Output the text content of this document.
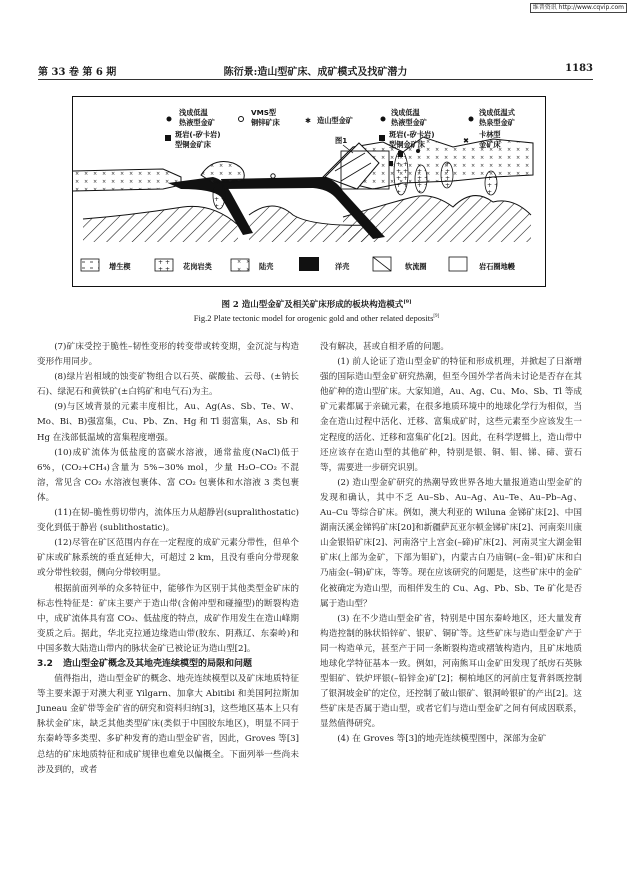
维普资讯 http://www.cqvip.com
第 33 卷 第 6 期	陈衍景:造山型矿床、成矿模式及找矿潜力	1183
图1
浅成低温
热液型金矿
VMS型
铜锌矿床	✱ 造山型金矿
浅成低温
热液型金矿
浅成低温式
热泉型金矿
斑岩(-矽卡岩)
型铜金矿床
斑岩(-矽卡岩)
型铜金矿床	✖
卡林型
金矿床
增生楔	花岗岩类	陆壳	洋壳	软流圈	岩石圈地幔
图 2 造山型金矿及相关矿床形成的板块构造模式[9]
Fig.2 Plate tectonic model for orogenic gold and other related deposits[9]

(7)矿床受控于脆性–韧性变形的转变带或转变期，金沉淀与构造变形作用同步。

(8)绿片岩相域的蚀变矿物组合以石英、碳酸盐、云母、(±钠长石)、绿泥石和黄铁矿(±白钨矿和电气石)为主。

(9)与区域背景的元素丰度相比，Au、Ag(As、Sb、Te、W、Mo、Bi、B)强富集，Cu、Pb、Zn、Hg 和 Tl 弱富集，As、Sb 和 Hg 在浅部低温域的富集程度增强。

(10)成矿流体为低盐度的富碳水溶液，通常盐度(NaCl)低于 6%，(CO₂+CH₄)含量为 5%~30% mol，少量 H₂O–CO₂ 不混溶，常见含 CO₂ 水溶液包裹体、富 CO₂ 包裹体和水溶液 3 类包裹体。

(11)在韧–脆性剪切带内，流体压力从超静岩(supralithostatic)变化到低于静岩 (sublithostatic)。

(12)尽管在矿区范围内存在一定程度的成矿元素分带性，但单个矿床或矿脉系统的垂直延伸大，可超过 2 km，且没有垂向分带现象或分带性较弱，侧向分带较明显。

根据前面列举的众多特征中，能够作为区别于其他类型金矿床的标志性特征是：矿床主要产于造山带(含俯冲型和碰撞型)的断裂构造中，成矿流体具有富 CO₂、低盐度的特点，成矿作用发生在造山峰期变质之后。据此，华北克拉通边缘造山带(胶东、阴燕辽、东秦岭)和中国多数大陆造山带内的脉状金矿已被论证为造山型[2]。

3.2 造山型金矿概念及其地壳连续模型的局限和问题

值得指出，造山型金矿的概念、地壳连续模型以及矿床地质特征等主要来源于对澳大利亚 Yilgarn、加拿大 Abitibi 和美国阿拉斯加 Juneau 金矿带等金矿省的研究和资料归纳[3]，这些地区基本上只有脉状金矿床，缺乏其他类型矿床(类似于中国胶东地区)，明显不同于东秦岭等多类型、多矿种发育的造山型金矿省，因此，Groves 等[3]总结的矿床地质特征和成矿规律也难免以偏概全。下面列举一些尚未涉及到的，或者

没有解决，甚或自相矛盾的问题。

(1) 前人论证了造山型金矿的特征和形成机理，并掀起了日渐增强的国际造山型金矿研究热潮，但至今国外学者尚未讨论是否存在其他矿种的造山型矿床。大家知道，Au、Ag、Cu、Mo、Sb、Tl 等成矿元素都属于亲硫元素，在很多地质环境中的地球化学行为相似，当金在造山过程中活化、迁移、富集成矿时，这些元素至少应该发生一定程度的活化、迁移和富集矿化[2]。因此，在科学逻辑上，造山带中还应该存在造山型的其他矿种，特别是银、铜、钼、锑、碲、萤石等，需要进一步研究识别。

(2) 造山型金矿研究的热潮导致世界各地大量报道造山型金矿的发现和确认，其中不乏 Au–Sb、Au–Ag、Au–Te、Au–Pb–Ag、Au–Cu 等综合矿床。例如，澳大利亚的 Wiluna 金锑矿床[2]、中国湖南沃溪金锑钨矿床[20]和新疆萨瓦亚尔顿金锑矿床[2]、河南栾川康山金银铅矿床[2]、河南洛宁上宫金(–碲)矿床[2]、河南灵宝大湖金钼矿床(上部为金矿，下部为钼矿)，内蒙古白乃庙铜(–金–钼)矿床和白乃庙金(–铜)矿床，等等。现在应该研究的问题是，这些矿床中的金矿化被确定为造山型，而相伴发生的 Cu、Ag、Pb、Sb、Te 矿化是否属于造山型？

(3) 在不少造山型金矿省，特别是中国东秦岭地区，还大量发育构造控制的脉状铅锌矿、银矿、铜矿等。这些矿床与造山型金矿产于同一构造单元，甚至产于同一条断裂构造或褶皱构造内，且矿床地质地球化学特征基本一致。例如，河南熊耳山金矿田发现了纸房石英脉型钼矿、铁炉坪银(–铅锌金)矿[2]；桐柏地区的河前庄复背斜既控制了银洞坡金矿的定位，还控制了破山银矿、银洞岭银矿的产出[2]。这些矿床是否属于造山型，或者它们与造山型金矿之间有何成因联系，显然值得研究。

(4) 在 Groves 等[3]的地壳连续模型图中，深部为金矿
